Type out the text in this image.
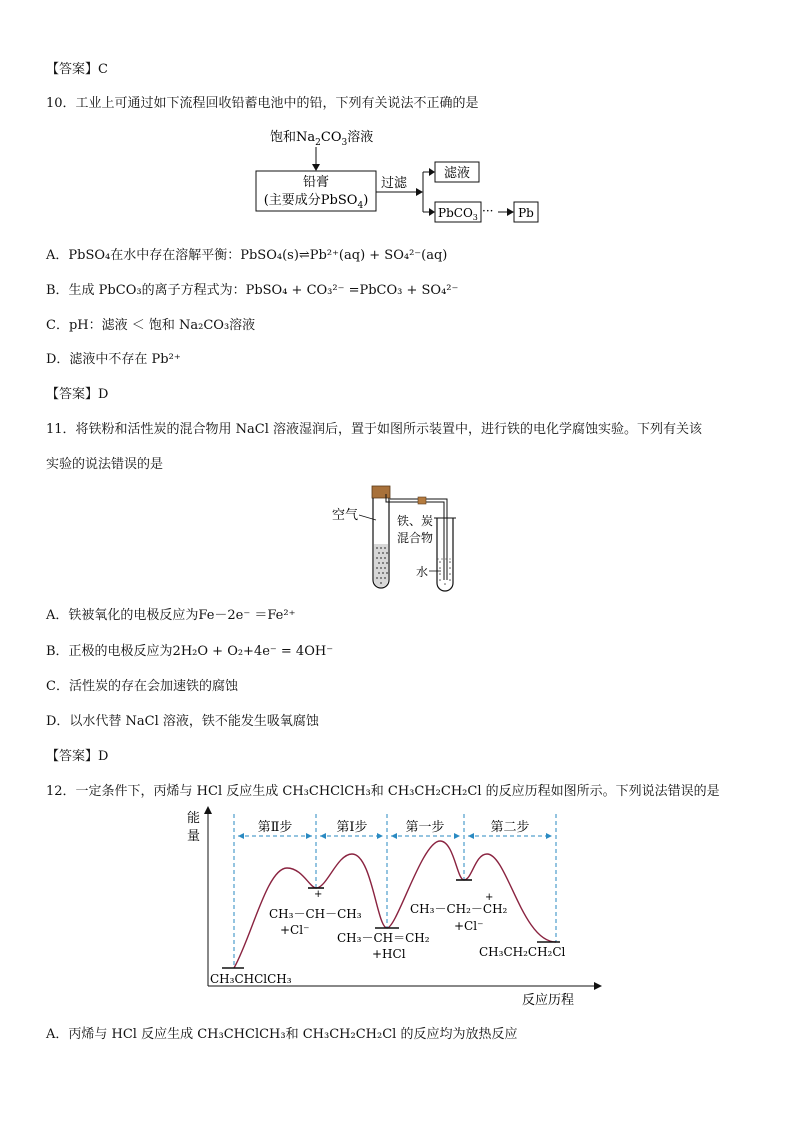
【答案】C
10．工业上可通过如下流程回收铅蓄电池中的铅，下列有关说法不正确的是
饱和$Na_2CO_3$溶液
铅膏
(主要成分PbSO$_4$)
过滤
滤液
PbCO$_3$ ··· Pb
A．PbSO₄在水中存在溶解平衡：PbSO₄(s)⇌Pb²⁺(aq) + SO₄²⁻(aq)
B．生成 PbCO₃的离子方程式为：PbSO₄ + CO₃²⁻ =PbCO₃ + SO₄²⁻
C．pH：滤液 ＜ 饱和 Na₂CO₃溶液
D．滤液中不存在 Pb²⁺
【答案】D
11．将铁粉和活性炭的混合物用 NaCl 溶液湿润后，置于如图所示装置中，进行铁的电化学腐蚀实验。下列有关该
实验的说法错误的是
空气	铁、炭
混合物
水
A．铁被氧化的电极反应为Fe－2e⁻ ＝Fe²⁺
B．正极的电极反应为2H₂O + O₂+4e⁻ = 4OH⁻
C．活性炭的存在会加速铁的腐蚀
D．以水代替 NaCl 溶液，铁不能发生吸氧腐蚀
【答案】D
12．一定条件下，丙烯与 HCl 反应生成 CH₃CHClCH₃和 CH₃CH₂CH₂Cl 的反应历程如图所示。下列说法错误的是
能
量
反应历程
第Ⅱ步	第Ⅰ步	第一步	第二步
CH₃CHClCH₃
+
CH₃－CH－CH₃
+Cl⁻
CH₃－CH＝CH₂
+HCl
+
CH₃－CH₂－CH₂
+Cl⁻
CH₃CH₂CH₂Cl
A．丙烯与 HCl 反应生成 CH₃CHClCH₃和 CH₃CH₂CH₂Cl 的反应均为放热反应
